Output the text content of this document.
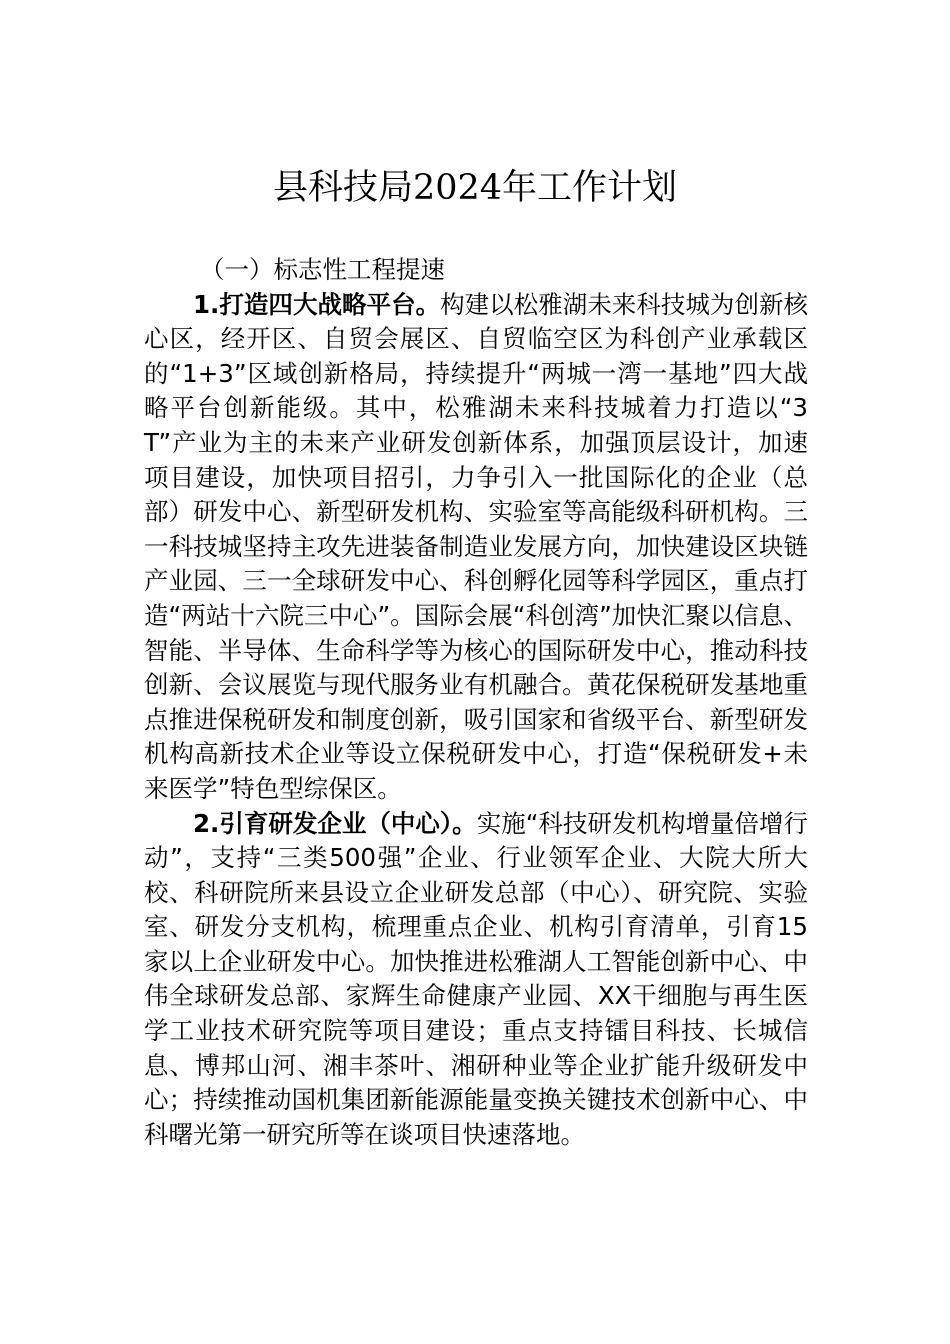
县科技局2024年工作计划

（一）标志性工程提速

1.打造四大战略平台。构建以松雅湖未来科技城为创新核心区，经开区、自贸会展区、自贸临空区为科创产业承载区的“1+3”区域创新格局，持续提升“两城一湾一基地”四大战略平台创新能级。其中，松雅湖未来科技城着力打造以“3T”产业为主的未来产业研发创新体系，加强顶层设计，加速项目建设，加快项目招引，力争引入一批国际化的企业（总部）研发中心、新型研发机构、实验室等高能级科研机构。三一科技城坚持主攻先进装备制造业发展方向，加快建设区块链产业园、三一全球研发中心、科创孵化园等科学园区，重点打造“两站十六院三中心”。国际会展“科创湾”加快汇聚以信息、智能、半导体、生命科学等为核心的国际研发中心，推动科技创新、会议展览与现代服务业有机融合。黄花保税研发基地重点推进保税研发和制度创新，吸引国家和省级平台、新型研发机构高新技术企业等设立保税研发中心，打造“保税研发+未来医学”特色型综保区。

2.引育研发企业（中心）。实施“科技研发机构增量倍增行动”，支持“三类500强”企业、行业领军企业、大院大所大校、科研院所来县设立企业研发总部（中心）、研究院、实验室、研发分支机构，梳理重点企业、机构引育清单，引育15家以上企业研发中心。加快推进松雅湖人工智能创新中心、中伟全球研发总部、家辉生命健康产业园、XX干细胞与再生医学工业技术研究院等项目建设；重点支持镭目科技、长城信息、博邦山河、湘丰茶叶、湘研种业等企业扩能升级研发中心；持续推动国机集团新能源能量变换关键技术创新中心、中科曙光第一研究所等在谈项目快速落地。
